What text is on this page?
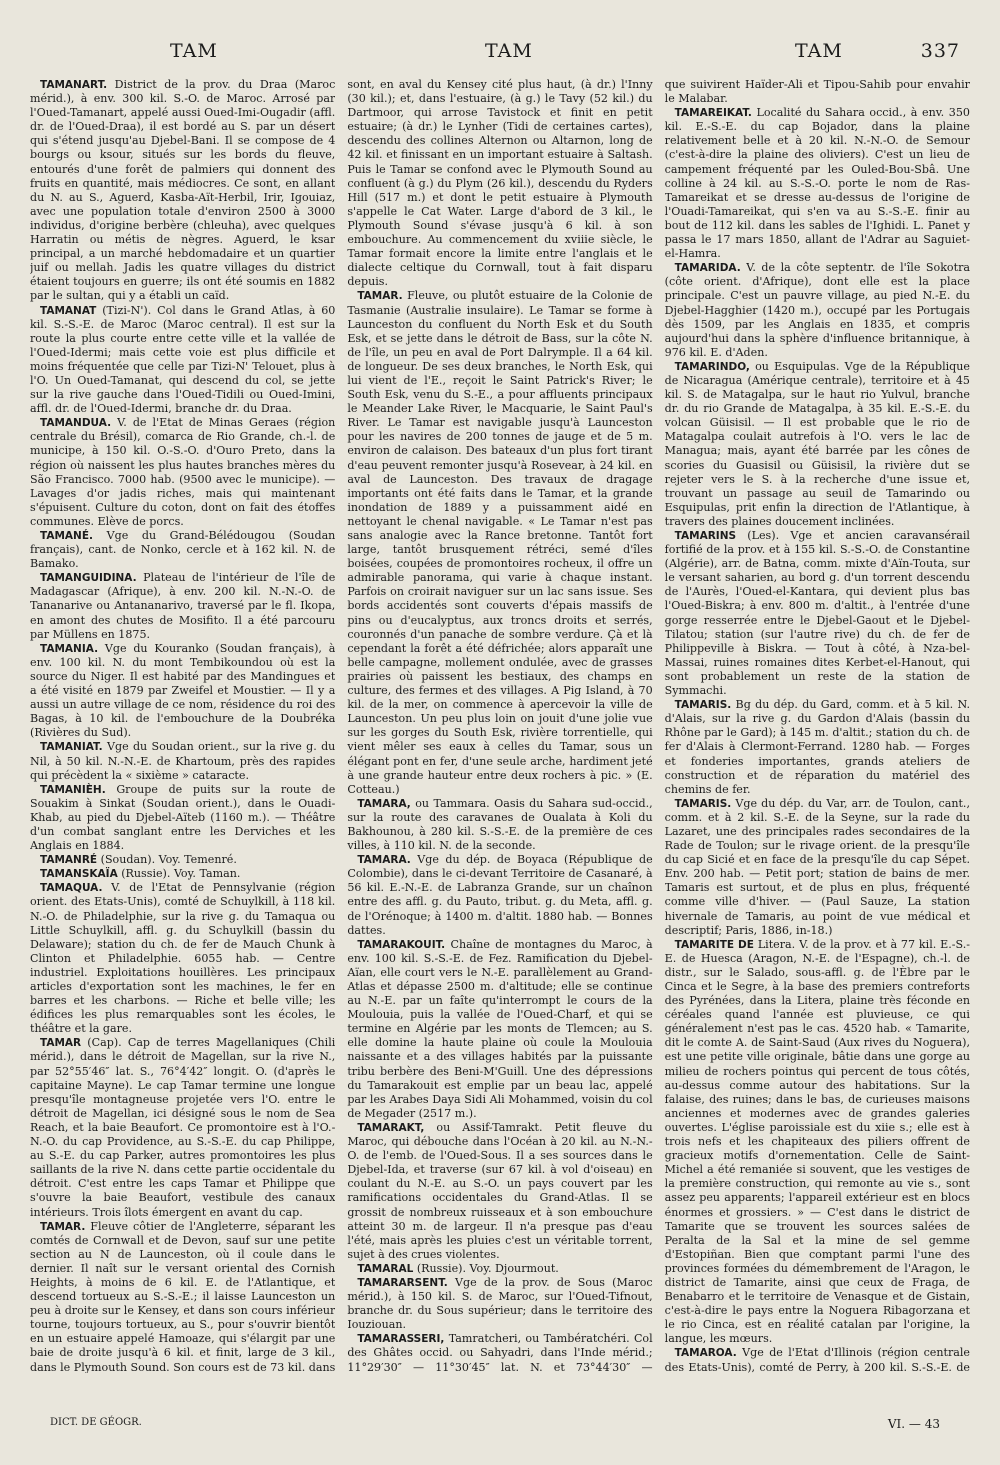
TAM	TAM	TAM	337

TAMANART. District de la prov. du Draa (Maroc mérid.), à env. 300 kil. S.-O. de Maroc. Arrosé par l'Oued-Tamanart, appelé aussi Oued-Imi-Ougadir (affl. dr. de l'Oued-Draa), il est bordé au S. par un désert qui s'étend jusqu'au Djebel-Bani. Il se compose de 4 bourgs ou ksour, situés sur les bords du fleuve, entourés d'une forêt de palmiers qui donnent des fruits en quantité, mais médiocres. Ce sont, en allant du N. au S., Aguerd, Kasba-Aït-Herbil, Irir, Igouiaz, avec une population totale d'environ 2500 à 3000 individus, d'origine berbère (chleuha), avec quelques Harratin ou métis de nègres. Aguerd, le ksar principal, a un marché hebdomadaire et un quartier juif ou mellah. Jadis les quatre villages du district étaient toujours en guerre; ils ont été soumis en 1882 par le sultan, qui y a établi un caïd.

TAMANAT (Tizi-N'). Col dans le Grand Atlas, à 60 kil. S.-S.-E. de Maroc (Maroc central). Il est sur la route la plus courte entre cette ville et la vallée de l'Oued-Idermi; mais cette voie est plus difficile et moins fréquentée que celle par Tizi-N' Telouet, plus à l'O. Un Oued-Tamanat, qui descend du col, se jette sur la rive gauche dans l'Oued-Tidili ou Oued-Imini, affl. dr. de l'Oued-Idermi, branche dr. du Draa.

TAMANDUA. V. de l'Etat de Minas Geraes (région centrale du Brésil), comarca de Rio Grande, ch.-l. de municipe, à 150 kil. O.-S.-O. d'Ouro Preto, dans la région où naissent les plus hautes branches mères du São Francisco. 7000 hab. (9500 avec le municipe). — Lavages d'or jadis riches, mais qui maintenant s'épuisent. Culture du coton, dont on fait des étoffes communes. Elève de porcs.

TAMANÉ. Vge du Grand-Bélédougou (Soudan français), cant. de Nonko, cercle et à 162 kil. N. de Bamako.

TAMANGUIDINA. Plateau de l'intérieur de l'île de Madagascar (Afrique), à env. 200 kil. N.-N.-O. de Tananarive ou Antananarivo, traversé par le fl. Ikopa, en amont des chutes de Mosifito. Il a été parcouru par Müllens en 1875.

TAMANIA. Vge du Kouranko (Soudan français), à env. 100 kil. N. du mont Tembikoundou où est la source du Niger. Il est habité par des Mandingues et a été visité en 1879 par Zweifel et Moustier. — Il y a aussi un autre village de ce nom, résidence du roi des Bagas, à 10 kil. de l'embouchure de la Doubréka (Rivières du Sud).

TAMANIAT. Vge du Soudan orient., sur la rive g. du Nil, à 50 kil. N.-N.-E. de Khartoum, près des rapides qui précèdent la « sixième » cataracte.

TAMANIÈH. Groupe de puits sur la route de Souakim à Sinkat (Soudan orient.), dans le Ouadi-Khab, au pied du Djebel-Aïteb (1160 m.). — Théâtre d'un combat sanglant entre les Derviches et les Anglais en 1884.

TAMANRÉ (Soudan). Voy. Temenré.

TAMANSKAÏA (Russie). Voy. Taman.

TAMAQUA. V. de l'Etat de Pennsylvanie (région orient. des Etats-Unis), comté de Schuylkill, à 118 kil. N.-O. de Philadelphie, sur la rive g. du Tamaqua ou Little Schuylkill, affl. g. du Schuylkill (bassin du Delaware); station du ch. de fer de Mauch Chunk à Clinton et Philadelphie. 6055 hab. — Centre industriel. Exploitations houillères. Les principaux articles d'exportation sont les machines, le fer en barres et les charbons. — Riche et belle ville; les édifices les plus remarquables sont les écoles, le théâtre et la gare.

TAMAR (Cap). Cap de terres Magellaniques (Chili mérid.), dans le détroit de Magellan, sur la rive N., par 52°55′46″ lat. S., 76°4′42″ longit. O. (d'après le capitaine Mayne). Le cap Tamar termine une longue presqu'île montagneuse projetée vers l'O. entre le détroit de Magellan, ici désigné sous le nom de Sea Reach, et la baie Beaufort. Ce promontoire est à l'O.-N.-O. du cap Providence, au S.-S.-E. du cap Philippe, au S.-E. du cap Parker, autres promontoires les plus saillants de la rive N. dans cette partie occidentale du détroit. C'est entre les caps Tamar et Philippe que s'ouvre la baie Beaufort, vestibule des canaux intérieurs. Trois îlots émergent en avant du cap.

TAMAR. Fleuve côtier de l'Angleterre, séparant les comtés de Cornwall et de Devon, sauf sur une petite section au N de Launceston, où il coule dans le dernier. Il naît sur le versant oriental des Cornish Heights, à moins de 6 kil. E. de l'Atlantique, et descend tortueux au S.-S.-E.; il laisse Launceston un peu à droite sur le Kensey, et dans son cours inférieur tourne, toujours tortueux, au S., pour s'ouvrir bientôt en un estuaire appelé Hamoaze, qui s'élargit par une baie de droite jusqu'à 6 kil. et finit, large de 3 kil., dans le Plymouth Sound. Son cours est de 73 kil. dans

sont, en aval du Kensey cité plus haut, (à dr.) l'Inny (30 kil.); et, dans l'estuaire, (à g.) le Tavy (52 kil.) du Dartmoor, qui arrose Tavistock et finit en petit estuaire; (à dr.) le Lynher (Tidi de certaines cartes), descendu des collines Alternon ou Altarnon, long de 42 kil. et finissant en un important estuaire à Saltash. Puis le Tamar se confond avec le Plymouth Sound au confluent (à g.) du Plym (26 kil.), descendu du Ryders Hill (517 m.) et dont le petit estuaire à Plymouth s'appelle le Cat Water. Large d'abord de 3 kil., le Plymouth Sound s'évase jusqu'à 6 kil. à son embouchure. Au commencement du xviiie siècle, le Tamar formait encore la limite entre l'anglais et le dialecte celtique du Cornwall, tout à fait disparu depuis.

TAMAR. Fleuve, ou plutôt estuaire de la Colonie de Tasmanie (Australie insulaire). Le Tamar se forme à Launceston du confluent du North Esk et du South Esk, et se jette dans le détroit de Bass, sur la côte N. de l'île, un peu en aval de Port Dalrymple. Il a 64 kil. de longueur. De ses deux branches, le North Esk, qui lui vient de l'E., reçoit le Saint Patrick's River; le South Esk, venu du S.-E., a pour affluents principaux le Meander Lake River, le Macquarie, le Saint Paul's River. Le Tamar est navigable jusqu'à Launceston pour les navires de 200 tonnes de jauge et de 5 m. environ de calaison. Des bateaux d'un plus fort tirant d'eau peuvent remonter jusqu'à Rosevear, à 24 kil. en aval de Launceston. Des travaux de dragage importants ont été faits dans le Tamar, et la grande inondation de 1889 y a puissamment aidé en nettoyant le chenal navigable. « Le Tamar n'est pas sans analogie avec la Rance bretonne. Tantôt fort large, tantôt brusquement rétréci, semé d'îles boisées, coupées de promontoires rocheux, il offre un admirable panorama, qui varie à chaque instant. Parfois on croirait naviguer sur un lac sans issue. Ses bords accidentés sont couverts d'épais massifs de pins ou d'eucalyptus, aux troncs droits et serrés, couronnés d'un panache de sombre verdure. Çà et là cependant la forêt a été défrichée; alors apparaît une belle campagne, mollement ondulée, avec de grasses prairies où paissent les bestiaux, des champs en culture, des fermes et des villages. A Pig Island, à 70 kil. de la mer, on commence à apercevoir la ville de Launceston. Un peu plus loin on jouit d'une jolie vue sur les gorges du South Esk, rivière torrentielle, qui vient mêler ses eaux à celles du Tamar, sous un élégant pont en fer, d'une seule arche, hardiment jeté à une grande hauteur entre deux rochers à pic. » (E. Cotteau.)

TAMARA, ou Tammara. Oasis du Sahara sud-occid., sur la route des caravanes de Oualata à Koli du Bakhounou, à 280 kil. S.-S.-E. de la première de ces villes, à 110 kil. N. de la seconde.

TAMARA. Vge du dép. de Boyaca (République de Colombie), dans le ci-devant Territoire de Casanaré, à 56 kil. E.-N.-E. de Labranza Grande, sur un chaînon entre des affl. g. du Pauto, tribut. g. du Meta, affl. g. de l'Orénoque; à 1400 m. d'altit. 1880 hab. — Bonnes dattes.

TAMARAKOUIT. Chaîne de montagnes du Maroc, à env. 100 kil. S.-S.-E. de Fez. Ramification du Djebel-Aïan, elle court vers le N.-E. parallèlement au Grand-Atlas et dépasse 2500 m. d'altitude; elle se continue au N.-E. par un faîte qu'interrompt le cours de la Moulouia, puis la vallée de l'Oued-Charf, et qui se termine en Algérie par les monts de Tlemcen; au S. elle domine la haute plaine où coule la Moulouia naissante et a des villages habités par la puissante tribu berbère des Beni-M'Guill. Une des dépressions du Tamarakouit est emplie par un beau lac, appelé par les Arabes Daya Sidi Ali Mohammed, voisin du col de Megader (2517 m.).

TAMARAKT, ou Assif-Tamrakt. Petit fleuve du Maroc, qui débouche dans l'Océan à 20 kil. au N.-N.-O. de l'emb. de l'Oued-Sous. Il a ses sources dans le Djebel-Ida, et traverse (sur 67 kil. à vol d'oiseau) en coulant du N.-E. au S.-O. un pays couvert par les ramifications occidentales du Grand-Atlas. Il se grossit de nombreux ruisseaux et à son embouchure atteint 30 m. de largeur. Il n'a presque pas d'eau l'été, mais après les pluies c'est un véritable torrent, sujet à des crues violentes.

TAMARAL (Russie). Voy. Djourmout.

TAMARARSENT. Vge de la prov. de Sous (Maroc mérid.), à 150 kil. S. de Maroc, sur l'Oued-Tifnout, branche dr. du Sous supérieur; dans le territoire des Iouziouan.

TAMARASSERI, Tamratcheri, ou Tambératchéri. Col des Ghâtes occid. ou Sahyadri, dans l'Inde mérid.; 11°29′30″ — 11°30′45″ lat. N. et 73°44′30″ —

que suivirent Haïder-Ali et Tipou-Sahib pour envahir le Malabar.

TAMAREIKAT. Localité du Sahara occid., à env. 350 kil. E.-S.-E. du cap Bojador, dans la plaine relativement belle et à 20 kil. N.-N.-O. de Semour (c'est-à-dire la plaine des oliviers). C'est un lieu de campement fréquenté par les Ouled-Bou-Sbâ. Une colline à 24 kil. au S.-S.-O. porte le nom de Ras-Tamareikat et se dresse au-dessus de l'origine de l'Ouadi-Tamareikat, qui s'en va au S.-S.-E. finir au bout de 112 kil. dans les sables de l'Ighidi. L. Panet y passa le 17 mars 1850, allant de l'Adrar au Saguiet-el-Hamra.

TAMARIDA. V. de la côte septentr. de l'île Sokotra (côte orient. d'Afrique), dont elle est la place principale. C'est un pauvre village, au pied N.-E. du Djebel-Hagghier (1420 m.), occupé par les Portugais dès 1509, par les Anglais en 1835, et compris aujourd'hui dans la sphère d'influence britannique, à 976 kil. E. d'Aden.

TAMARINDO, ou Esquipulas. Vge de la République de Nicaragua (Amérique centrale), territoire et à 45 kil. S. de Matagalpa, sur le haut rio Yulvul, branche dr. du rio Grande de Matagalpa, à 35 kil. E.-S.-E. du volcan Güisisil. — Il est probable que le rio de Matagalpa coulait autrefois à l'O. vers le lac de Managua; mais, ayant été barrée par les cônes de scories du Guasisil ou Güisisil, la rivière dut se rejeter vers le S. à la recherche d'une issue et, trouvant un passage au seuil de Tamarindo ou Esquipulas, prit enfin la direction de l'Atlantique, à travers des plaines doucement inclinées.

TAMARINS (Les). Vge et ancien caravansérail fortifié de la prov. et à 155 kil. S.-S.-O. de Constantine (Algérie), arr. de Batna, comm. mixte d'Aïn-Touta, sur le versant saharien, au bord g. d'un torrent descendu de l'Aurès, l'Oued-el-Kantara, qui devient plus bas l'Oued-Biskra; à env. 800 m. d'altit., à l'entrée d'une gorge resserrée entre le Djebel-Gaout et le Djebel-Tilatou; station (sur l'autre rive) du ch. de fer de Philippeville à Biskra. — Tout à côté, à Nza-bel-Massai, ruines romaines dites Kerbet-el-Hanout, qui sont probablement un reste de la station de Symmachi.

TAMARIS. Bg du dép. du Gard, comm. et à 5 kil. N. d'Alais, sur la rive g. du Gardon d'Alais (bassin du Rhône par le Gard); à 145 m. d'altit.; station du ch. de fer d'Alais à Clermont-Ferrand. 1280 hab. — Forges et fonderies importantes, grands ateliers de construction et de réparation du matériel des chemins de fer.

TAMARIS. Vge du dép. du Var, arr. de Toulon, cant., comm. et à 2 kil. S.-E. de la Seyne, sur la rade du Lazaret, une des principales rades secondaires de la Rade de Toulon; sur le rivage orient. de la presqu'île du cap Sicié et en face de la presqu'île du cap Sépet. Env. 200 hab. — Petit port; station de bains de mer. Tamaris est surtout, et de plus en plus, fréquenté comme ville d'hiver. — (Paul Sauze, La station hivernale de Tamaris, au point de vue médical et descriptif; Paris, 1886, in-18.)

TAMARITE DE Litera. V. de la prov. et à 77 kil. E.-S.-E. de Huesca (Aragon, N.-E. de l'Espagne), ch.-l. de distr., sur le Salado, sous-affl. g. de l'Èbre par le Cinca et le Segre, à la base des premiers contreforts des Pyrénées, dans la Litera, plaine très féconde en céréales quand l'année est pluvieuse, ce qui généralement n'est pas le cas. 4520 hab. « Tamarite, dit le comte A. de Saint-Saud (Aux rives du Noguera), est une petite ville originale, bâtie dans une gorge au milieu de rochers pointus qui percent de tous côtés, au-dessus comme autour des habitations. Sur la falaise, des ruines; dans le bas, de curieuses maisons anciennes et modernes avec de grandes galeries ouvertes. L'église paroissiale est du xiie s.; elle est à trois nefs et les chapiteaux des piliers offrent de gracieux motifs d'ornementation. Celle de Saint-Michel a été remaniée si souvent, que les vestiges de la première construction, qui remonte au vie s., sont assez peu apparents; l'appareil extérieur est en blocs énormes et grossiers. » — C'est dans le district de Tamarite que se trouvent les sources salées de Peralta de la Sal et la mine de sel gemme d'Estopiñan. Bien que comptant parmi l'une des provinces formées du démembrement de l'Aragon, le district de Tamarite, ainsi que ceux de Fraga, de Benabarro et le territoire de Venasque et de Gistain, c'est-à-dire le pays entre la Noguera Ribagorzana et le rio Cinca, est en réalité catalan par l'origine, la langue, les mœurs.

TAMAROA. Vge de l'Etat d'Illinois (région centrale des Etats-Unis), comté de Perry, à 200 kil. S.-S.-E. de

DICT. DE GÉOGR.	VI. — 43
